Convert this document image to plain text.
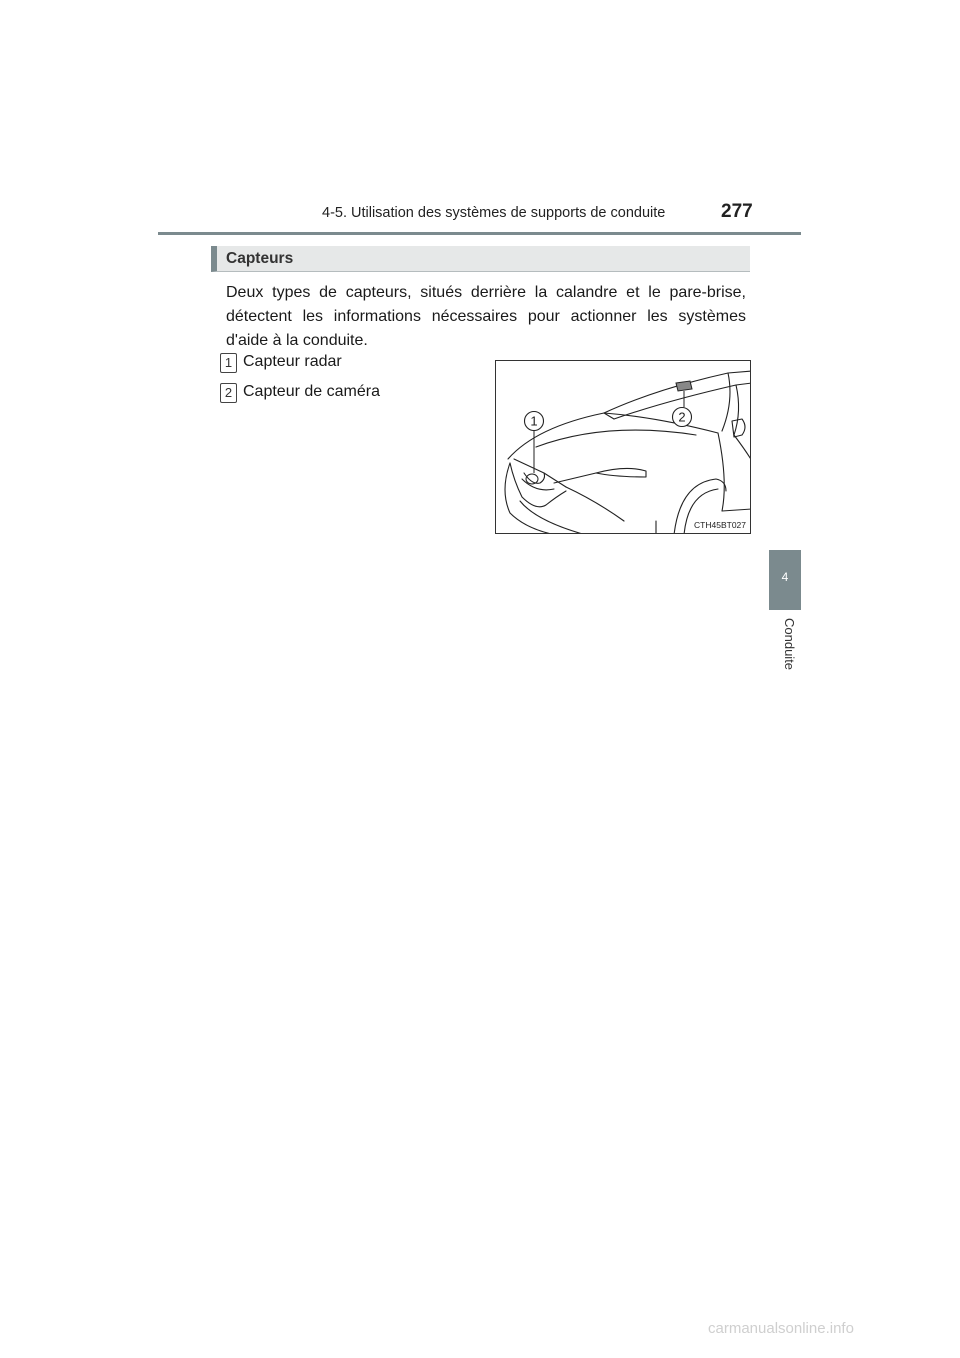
4-5. Utilisation des systèmes de supports de conduite	277
Capteurs
Deux types de capteurs, situés derrière la calandre et le pare-brise, détectent les informations nécessaires pour actionner les systèmes d'aide à la conduite.
1 Capteur radar
2 Capteur de caméra
1	2
CTH45BT027
4
Conduite
carmanualsonline.info
